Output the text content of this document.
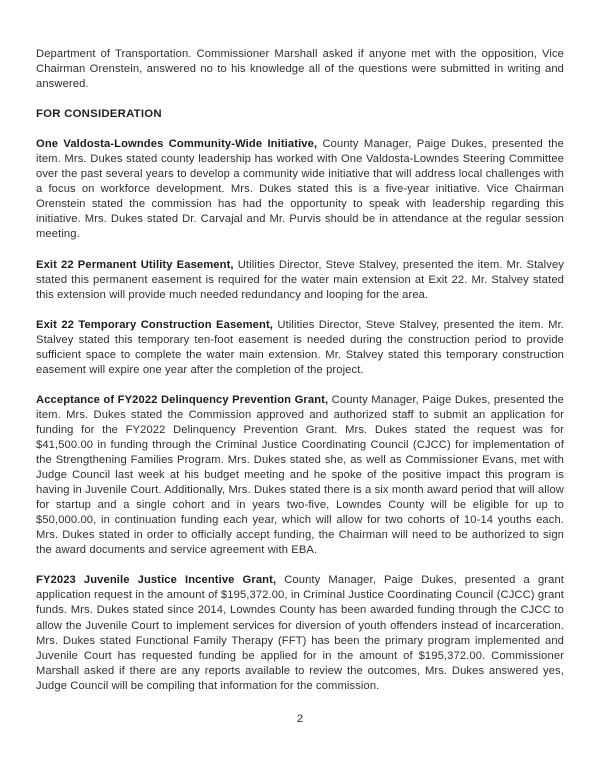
Department of Transportation. Commissioner Marshall asked if anyone met with the opposition, Vice Chairman Orenstein, answered no to his knowledge all of the questions were submitted in writing and answered.

FOR CONSIDERATION

One Valdosta-Lowndes Community-Wide Initiative, County Manager, Paige Dukes, presented the item. Mrs. Dukes stated county leadership has worked with One Valdosta-Lowndes Steering Committee over the past several years to develop a community wide initiative that will address local challenges with a focus on workforce development. Mrs. Dukes stated this is a five-year initiative. Vice Chairman Orenstein stated the commission has had the opportunity to speak with leadership regarding this initiative. Mrs. Dukes stated Dr. Carvajal and Mr. Purvis should be in attendance at the regular session meeting.

Exit 22 Permanent Utility Easement, Utilities Director, Steve Stalvey, presented the item. Mr. Stalvey stated this permanent easement is required for the water main extension at Exit 22. Mr. Stalvey stated this extension will provide much needed redundancy and looping for the area.

Exit 22 Temporary Construction Easement, Utilities Director, Steve Stalvey, presented the item. Mr. Stalvey stated this temporary ten-foot easement is needed during the construction period to provide sufficient space to complete the water main extension. Mr. Stalvey stated this temporary construction easement will expire one year after the completion of the project.

Acceptance of FY2022 Delinquency Prevention Grant, County Manager, Paige Dukes, presented the item. Mrs. Dukes stated the Commission approved and authorized staff to submit an application for funding for the FY2022 Delinquency Prevention Grant. Mrs. Dukes stated the request was for $41,500.00 in funding through the Criminal Justice Coordinating Council (CJCC) for implementation of the Strengthening Families Program. Mrs. Dukes stated she, as well as Commissioner Evans, met with Judge Council last week at his budget meeting and he spoke of the positive impact this program is having in Juvenile Court. Additionally, Mrs. Dukes stated there is a six month award period that will allow for startup and a single cohort and in years two-five, Lowndes County will be eligible for up to $50,000.00, in continuation funding each year, which will allow for two cohorts of 10-14 youths each. Mrs. Dukes stated in order to officially accept funding, the Chairman will need to be authorized to sign the award documents and service agreement with EBA.

FY2023 Juvenile Justice Incentive Grant, County Manager, Paige Dukes, presented a grant application request in the amount of $195,372.00, in Criminal Justice Coordinating Council (CJCC) grant funds. Mrs. Dukes stated since 2014, Lowndes County has been awarded funding through the CJCC to allow the Juvenile Court to implement services for diversion of youth offenders instead of incarceration. Mrs. Dukes stated Functional Family Therapy (FFT) has been the primary program implemented and Juvenile Court has requested funding be applied for in the amount of $195,372.00. Commissioner Marshall asked if there are any reports available to review the outcomes, Mrs. Dukes answered yes, Judge Council will be compiling that information for the commission.

2
